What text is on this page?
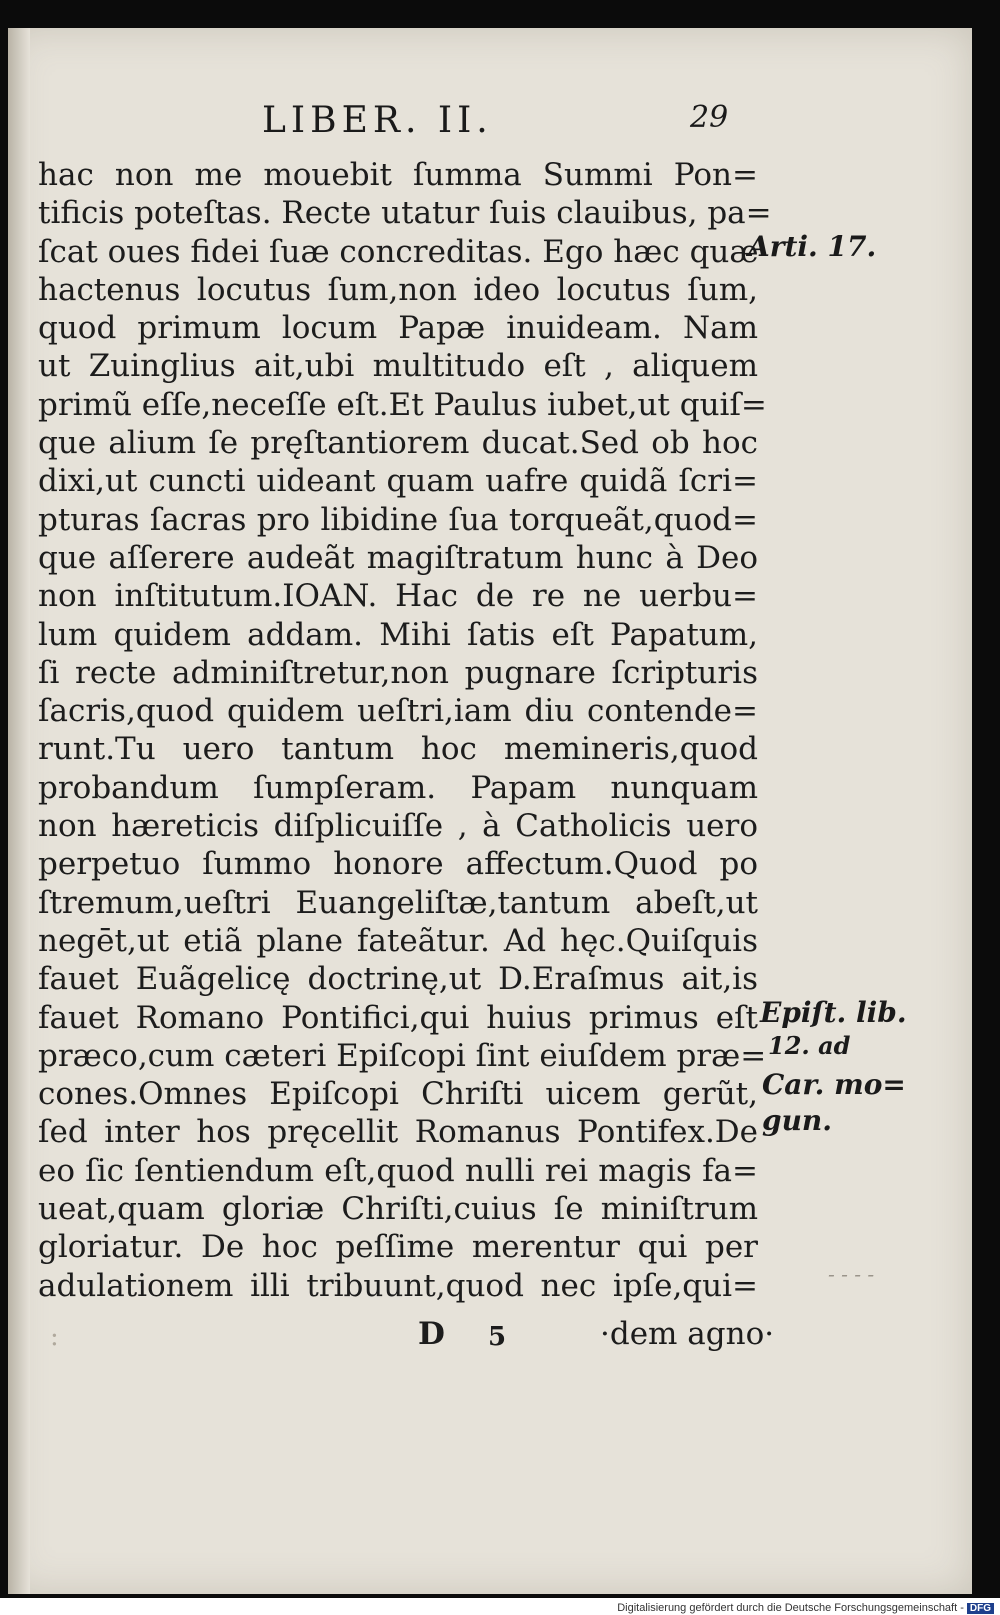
LIBER. II.	29
hac non me mouebit ſumma Summi Pon=
tificis poteſtas. Recte utatur ſuis clauibus, pa=
ſcat oues fidei ſuæ concreditas. Ego hæc quæ
hactenus locutus ſum,non ideo locutus ſum,
quod primum locum Papæ inuideam. Nam
ut Zuinglius ait,ubi multitudo eſt , aliquem
primũ eſſe,neceſſe eſt.Et Paulus iubet,ut quiſ=
que alium ſe pręſtantiorem ducat.Sed ob hoc
dixi,ut cuncti uideant quam uafre quidã ſcri=
pturas ſacras pro libidine ſua torqueãt,quod=
que aſſerere audeãt magiſtratum hunc à Deo
non inſtitutum.IOAN. Hac de re ne uerbu=
lum quidem addam. Mihi ſatis eſt Papatum,
ſi recte adminiſtretur,non pugnare ſcripturis
ſacris,quod quidem ueſtri,iam diu contende=
runt.Tu uero tantum hoc memineris,quod
probandum ſumpſeram. Papam nunquam
non hæreticis diſplicuiſſe , à Catholicis uero
perpetuo ſummo honore affectum.Quod po
ſtremum,ueſtri Euangeliſtæ,tantum abeſt,ut
negēt,ut etiã plane fateãtur. Ad hęc.Quiſquis
fauet Euãgelicę doctrinę,ut D.Eraſmus ait,is
fauet Romano Pontifici,qui huius primus eſt
præco,cum cæteri Epiſcopi ſint eiuſdem præ=
cones.Omnes Epiſcopi Chriſti uicem gerũt,
ſed inter hos pręcellit Romanus Pontifex.De
eo ſic ſentiendum eſt,quod nulli rei magis fa=
ueat,quam gloriæ Chriſti,cuius ſe miniſtrum
gloriatur. De hoc peſſime merentur qui per
adulationem illi tribuunt,quod nec ipſe,qui=
Arti. 17.
Epiſt. lib.
12. ad
Car. mo=
gun.
- - - -
:	D 5	·dem agno·
Digitalisierung gefördert durch die Deutsche Forschungsgemeinschaft - DFG
